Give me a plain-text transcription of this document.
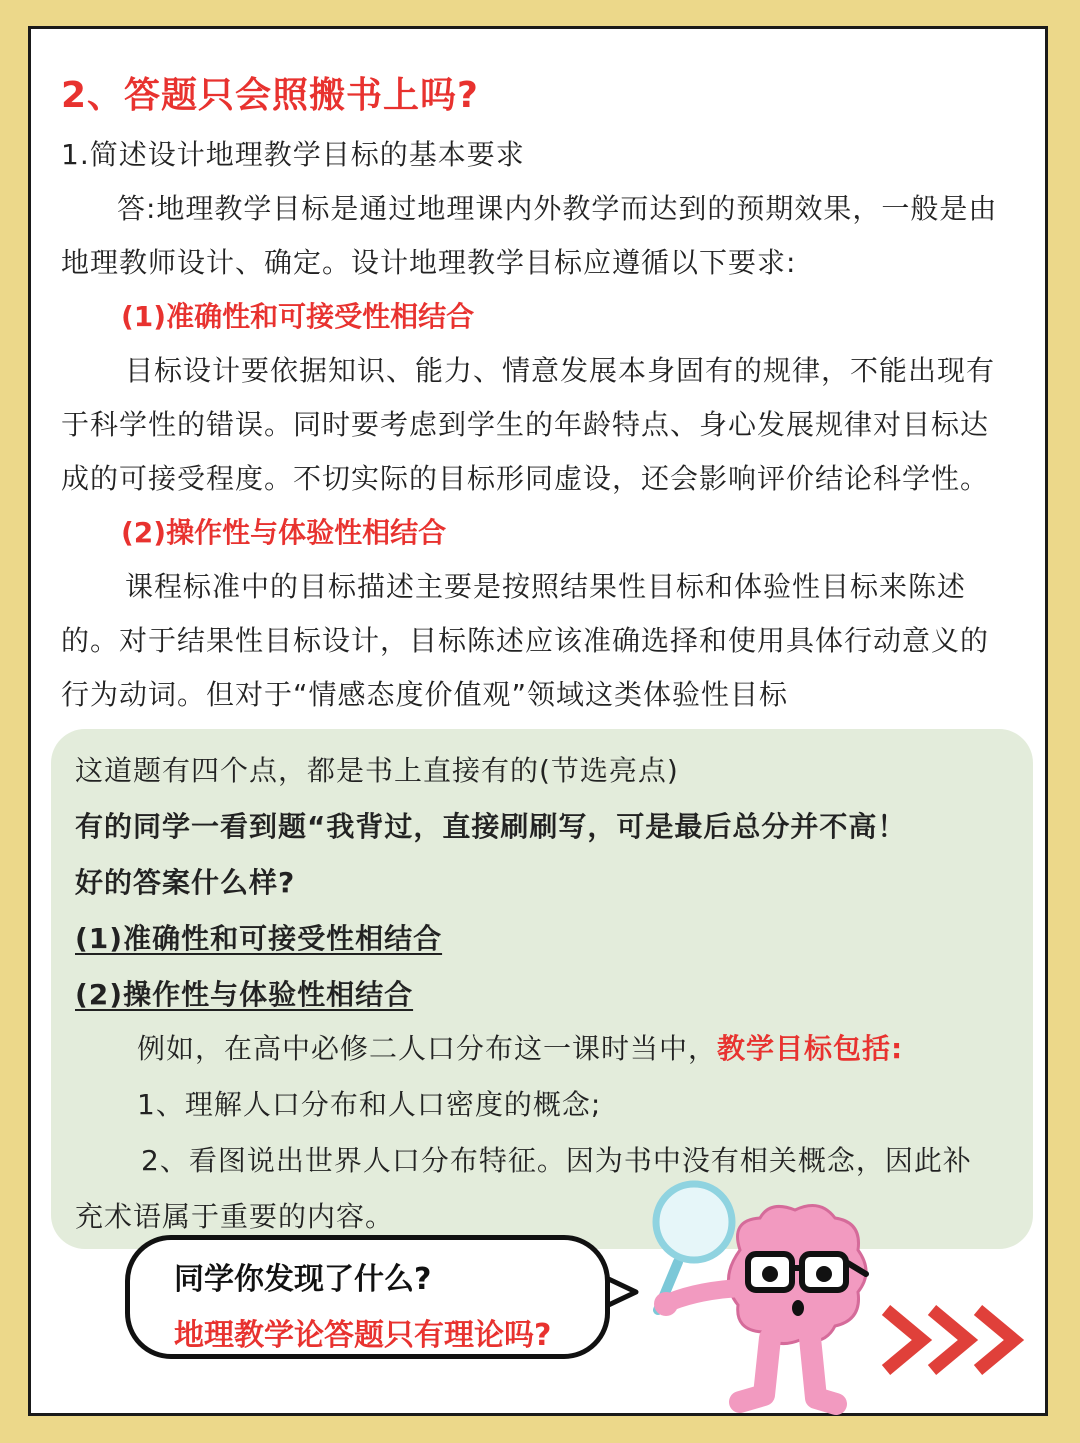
2、答题只会照搬书上吗?
1.简述设计地理教学目标的基本要求
答:地理教学目标是通过地理课内外教学而达到的预期效果，一般是由
地理教师设计、确定。设计地理教学目标应遵循以下要求:
(1)准确性和可接受性相结合
目标设计要依据知识、能力、情意发展本身固有的规律，不能出现有
于科学性的错误。同时要考虑到学生的年龄特点、身心发展规律对目标达
成的可接受程度。不切实际的目标形同虚设，还会影响评价结论科学性。
(2)操作性与体验性相结合
课程标准中的目标描述主要是按照结果性目标和体验性目标来陈述
的。对于结果性目标设计，目标陈述应该准确选择和使用具体行动意义的
行为动词。但对于“情感态度价值观”领域这类体验性目标
这道题有四个点，都是书上直接有的(节选亮点)
有的同学一看到题“我背过，直接刷刷写，可是最后总分并不高！
好的答案什么样?
(1)准确性和可接受性相结合
(2)操作性与体验性相结合
例如，在高中必修二人口分布这一课时当中，教学目标包括:
1、理解人口分布和人口密度的概念;
2、看图说出世界人口分布特征。因为书中没有相关概念，因此补
充术语属于重要的内容。
同学你发现了什么?
地理教学论答题只有理论吗?
